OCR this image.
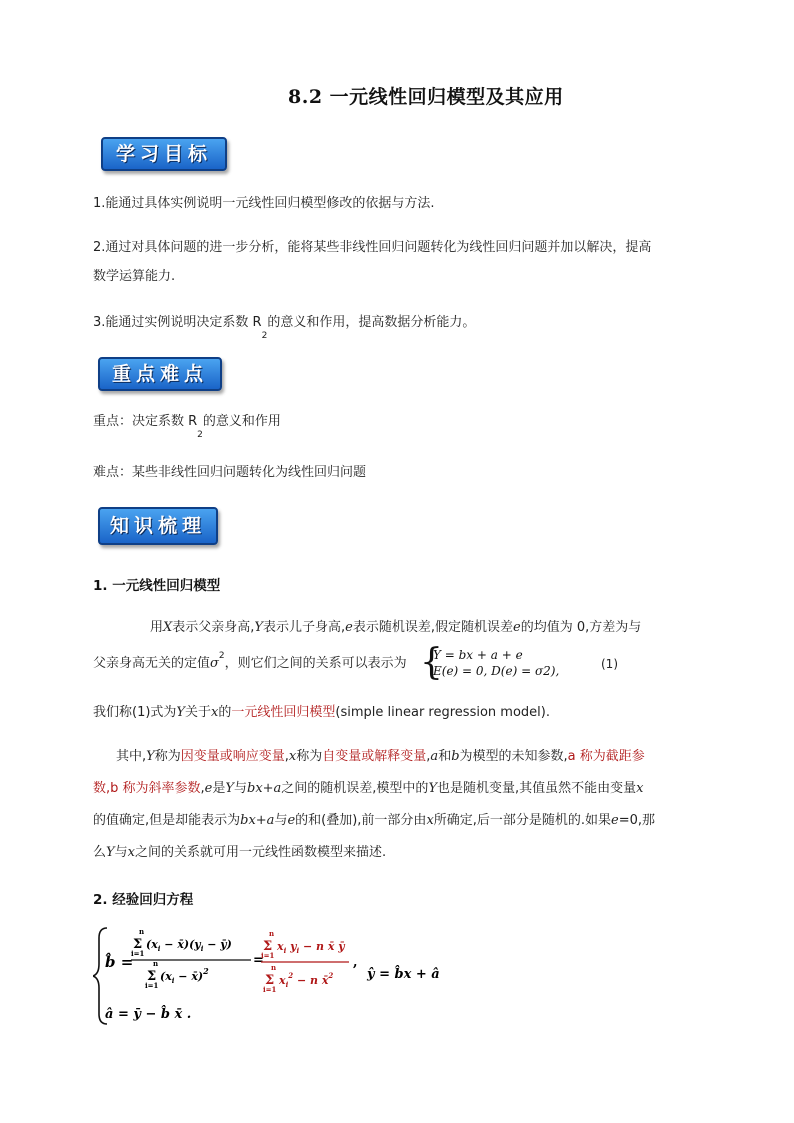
8.2 一元线性回归模型及其应用
学习目标
1.能通过具体实例说明一元线性回归模型修改的依据与方法.
2.通过对具体问题的进一步分析，能将某些非线性回归问题转化为线性回归问题并加以解决，提高
数学运算能力.
3.能通过实例说明决定系数 $R_2$的意义和作用，提高数据分析能力。
重点难点
重点：决定系数 $R_2$的意义和作用
难点：某些非线性回归问题转化为线性回归问题
知识梳理
1. 一元线性回归模型
用X表示父亲身高,Y表示儿子身高,e表示随机误差,假定随机误差e的均值为 0,方差为与
父亲身高无关的定值$\sigma^2$，则它们之间的关系可以表示为 {
Y = bx + a + e
E(e) = 0, D(e) = σ2),	(1)
我们称(1)式为Y关于x的一元线性回归模型(simple linear regression model).
其中,Y称为因变量或响应变量,x称为自变量或解释变量,a和b为模型的未知参数,a 称为截距参
数,b 称为斜率参数,e是Y与bx+a之间的随机误差,模型中的Y也是随机变量,其值虽然不能由变量x
的值确定,但是却能表示为bx+a与e的和(叠加),前一部分由x所确定,后一部分是随机的.如果e=0,那
么Y与x之间的关系就可用一元线性函数模型来描述.
2. 经验回归方程
b̂ =
n
Σ
i=1
($x_i$ − $x̄)(y_i$ − ȳ)
n
Σ
i=1
($x_i$ − x̄)$^2$
=
n
Σ
i=1
$x_i$ $y_i - n$ x̄ ȳ
n
Σ
i=1
$x_i^2 - n$ x̄$^2$
,
ŷ = b̂x + â
â = ȳ − b̂ x̄ .
